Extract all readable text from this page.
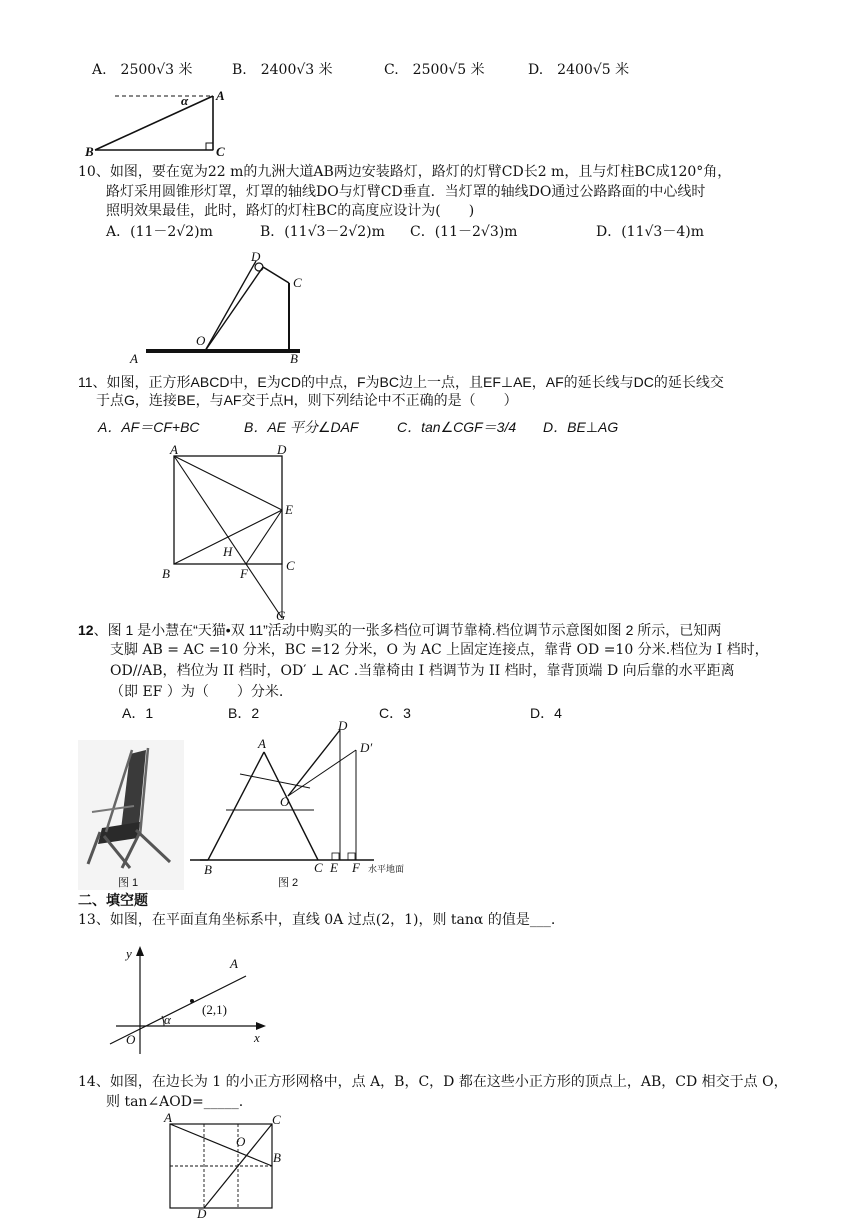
A.　2500√3 米	B.　2400√3 米	C.　2500√5 米	D.　2400√5 米
α A
B	C
10、如图，要在宽为22 m的九洲大道AB两边安装路灯，路灯的灯臂CD长2 m，且与灯柱BC成120°角，
路灯采用圆锥形灯罩，灯罩的轴线DO与灯臂CD垂直．当灯罩的轴线DO通过公路路面的中心线时
照明效果最佳，此时，路灯的灯柱BC的高度应设计为(　　)
A．(11－2√2)m	B．(11√3－2√2)m C．(11－2√3)m	D．(11√3－4)m
D
C
O
A	B
11、如图，正方形ABCD中，E为CD的中点，F为BC边上一点，且EF⊥AE，AF的延长线与DC的延长线交
于点G，连接BE，与AF交于点H，则下列结论中不正确的是（　　）
A．AF＝CF+BC	B．AE 平分∠DAF	C．tan∠CGF＝3/4 D．BE⊥AG
A	D
E
H
B	F
C
G
12、图 1 是小慧在“天猫•双 11”活动中购买的一张多档位可调节靠椅.档位调节示意图如图 2 所示，已知两
支脚 AB = AC =10 分米，BC =12 分米，O 为 AC 上固定连接点，靠背 OD =10 分米.档位为 I 档时，
OD//AB，档位为 II 档时，OD′ ⊥ AC .当靠椅由 I 档调节为 II 档时，靠背顶端 D 向后靠的水平距离
（即 EF ）为（　　）分米.
A．1	B．2	C．3	D．4
图 1
A
O
D
D′
B	C E F 水平地面
图 2
二、填空题
13、如图，在平面直角坐标系中，直线 0A 过点(2，1)，则 tanα 的值是___.
y
A
(2,1)
α
O	x
14、如图，在边长为 1 的小正方形网格中，点 A，B，C，D 都在这些小正方形的顶点上，AB，CD 相交于点 O，
则 tan∠AOD=_____.
A	C
O
B
D
